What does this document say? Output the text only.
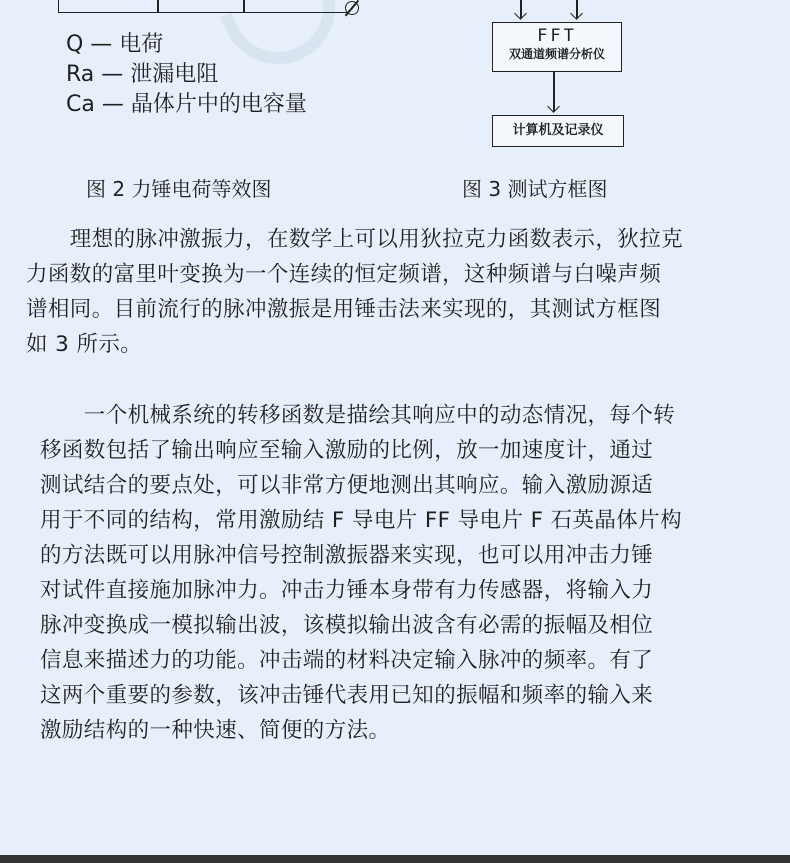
Q — 电荷
Ra — 泄漏电阻
Ca — 晶体片中的电容量
FFT
双通道频谱分析仪
计算机及记录仪
图 2 力锤电荷等效图	图 3 测试方框图
　　理想的脉冲激振力，在数学上可以用狄拉克力函数表示，狄拉克
力函数的富里叶变换为一个连续的恒定频谱，这种频谱与白噪声频
谱相同。目前流行的脉冲激振是用锤击法来实现的，其测试方框图
如 3 所示。
　　一个机械系统的转移函数是描绘其响应中的动态情况，每个转
移函数包括了输出响应至输入激励的比例，放一加速度计，通过
测试结合的要点处，可以非常方便地测出其响应。输入激励源适
用于不同的结构，常用激励结 F 导电片 FF 导电片 F 石英晶体片构
的方法既可以用脉冲信号控制激振器来实现，也可以用冲击力锤
对试件直接施加脉冲力。冲击力锤本身带有力传感器，将输入力
脉冲变换成一模拟输出波，该模拟输出波含有必需的振幅及相位
信息来描述力的功能。冲击端的材料决定输入脉冲的频率。有了
这两个重要的参数，该冲击锤代表用已知的振幅和频率的输入来
激励结构的一种快速、简便的方法。
